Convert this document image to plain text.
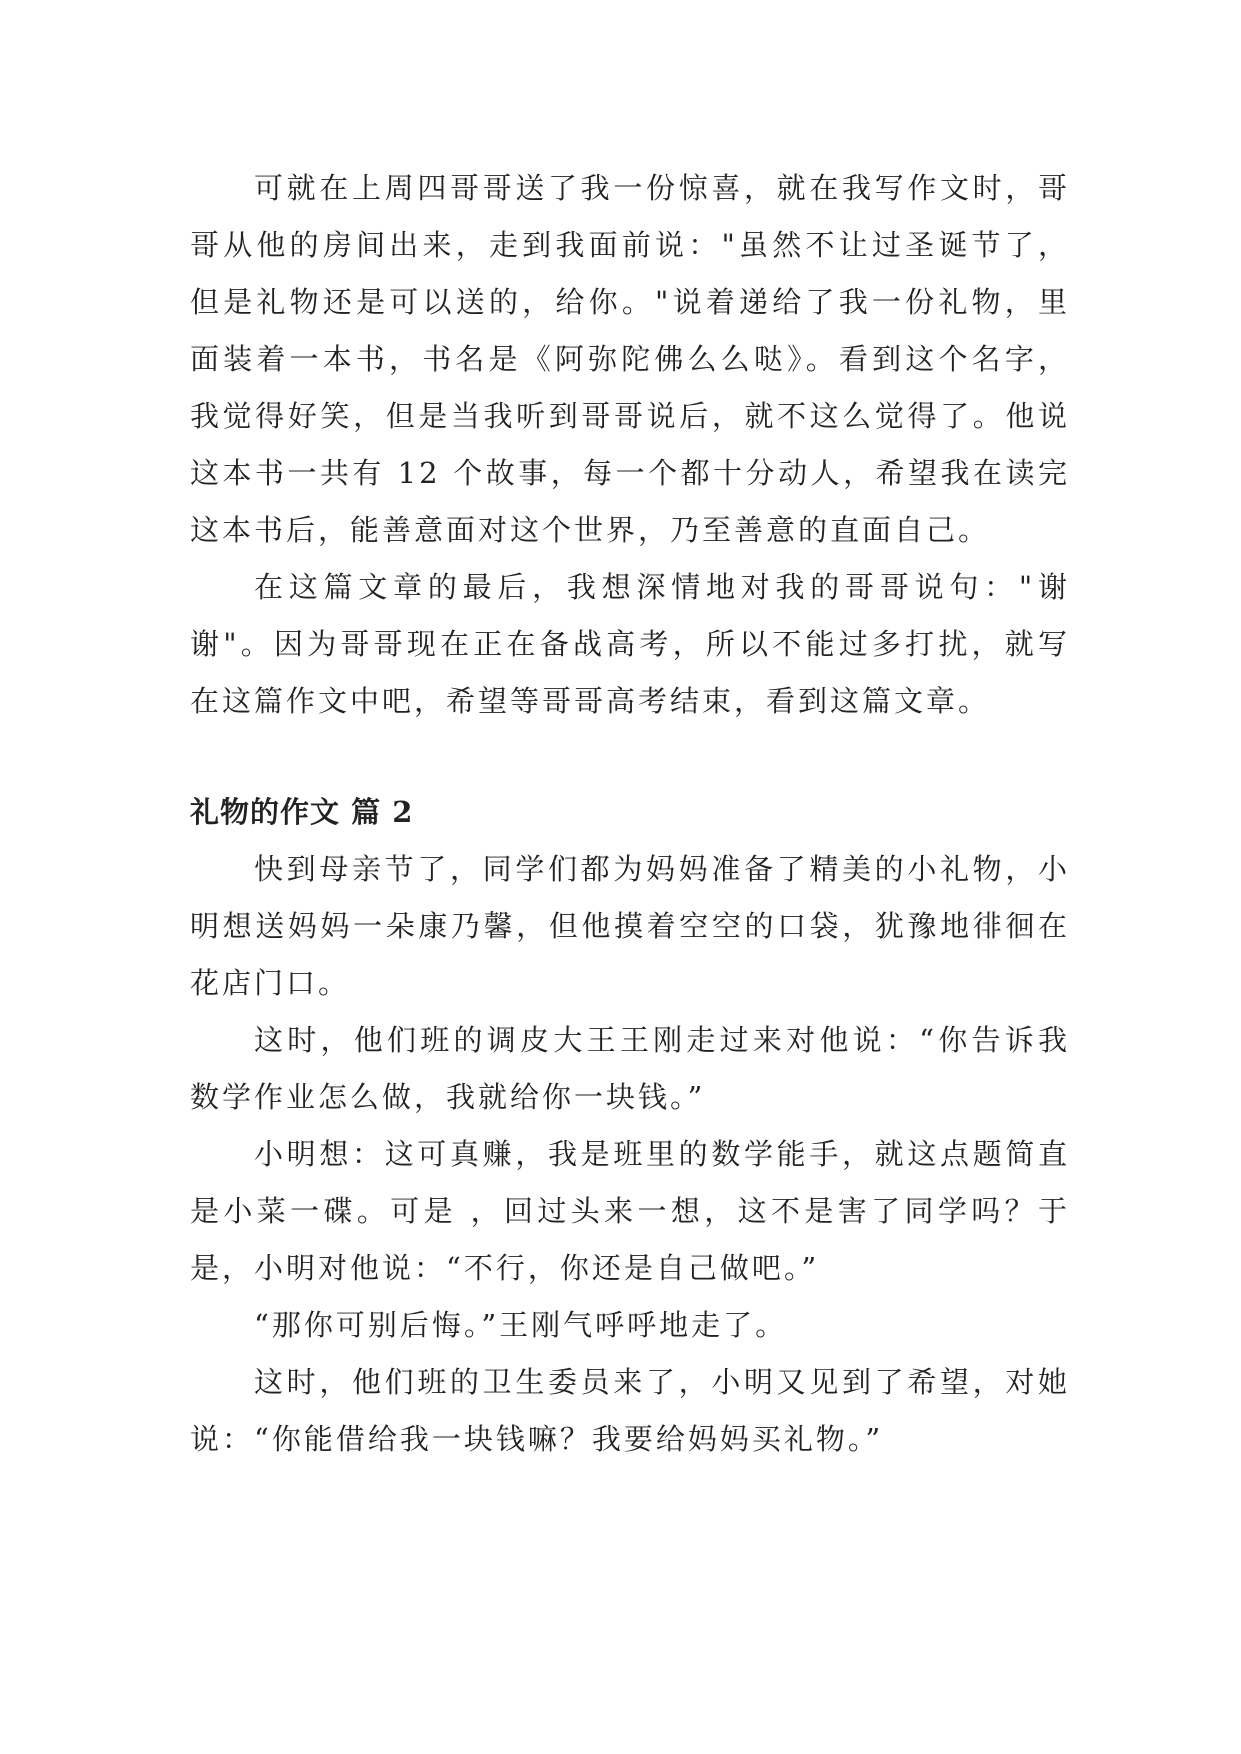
可就在上周四哥哥送了我一份惊喜，就在我写作文时，哥哥从他的房间出来，走到我面前说："虽然不让过圣诞节了，但是礼物还是可以送的，给你。"说着递给了我一份礼物，里面装着一本书，书名是《阿弥陀佛么么哒》。看到这个名字，我觉得好笑，但是当我听到哥哥说后，就不这么觉得了。他说这本书一共有 12 个故事，每一个都十分动人，希望我在读完这本书后，能善意面对这个世界，乃至善意的直面自己。

在这篇文章的最后，我想深情地对我的哥哥说句："谢谢"。因为哥哥现在正在备战高考，所以不能过多打扰，就写在这篇作文中吧，希望等哥哥高考结束，看到这篇文章。

礼物的作文 篇 2

快到母亲节了，同学们都为妈妈准备了精美的小礼物，小明想送妈妈一朵康乃馨，但他摸着空空的口袋，犹豫地徘徊在花店门口。

这时，他们班的调皮大王王刚走过来对他说：“你告诉我数学作业怎么做，我就给你一块钱。”

小明想：这可真赚，我是班里的数学能手，就这点题简直是小菜一碟。可是 ，回过头来一想，这不是害了同学吗？于是，小明对他说：“不行，你还是自己做吧。”

“那你可别后悔。”王刚气呼呼地走了。

这时，他们班的卫生委员来了，小明又见到了希望，对她说：“你能借给我一块钱嘛？我要给妈妈买礼物。”
